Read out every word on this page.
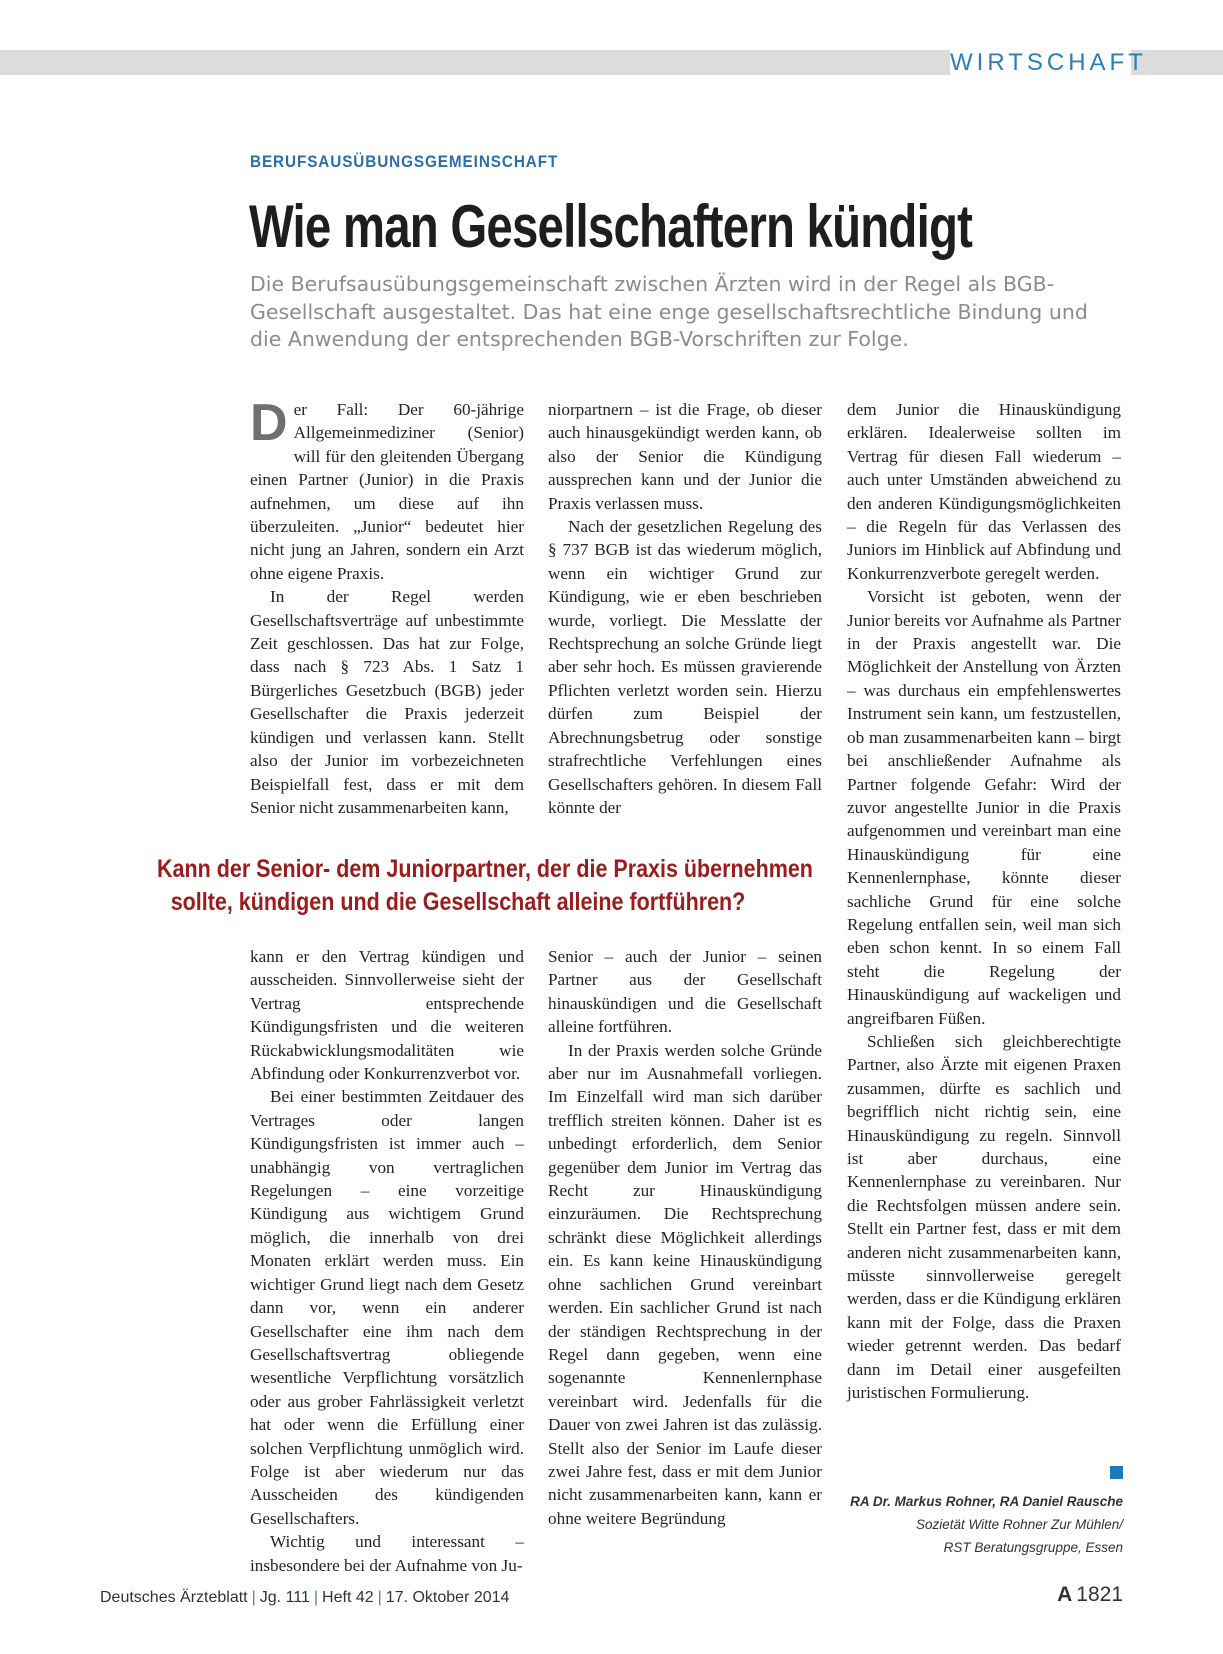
WIRTSCHAFT
BERUFSAUSÜBUNGSGEMEINSCHAFT
Wie man Gesellschaftern kündigt

Die Berufsausübungsgemeinschaft zwischen Ärzten wird in der Regel als BGB-Gesellschaft ausgestaltet. Das hat eine enge gesellschaftsrechtliche Bindung und die Anwendung der entsprechenden BGB-Vorschriften zur Folge.

Der Fall: Der 60-jährige Allgemeinmediziner (Senior) will für den gleitenden Übergang einen Partner (Junior) in die Praxis aufnehmen, um diese auf ihn überzuleiten. „Junior“ bedeutet hier nicht jung an Jahren, sondern ein Arzt ohne eigene Praxis.

In der Regel werden Gesellschaftsverträge auf unbestimmte Zeit geschlossen. Das hat zur Folge, dass nach § 723 Abs. 1 Satz 1 Bürgerliches Gesetzbuch (BGB) jeder Gesellschafter die Praxis jederzeit kündigen und verlassen kann. Stellt also der Junior im vorbezeichneten Beispielfall fest, dass er mit dem Senior nicht zusammenarbeiten kann,

niorpartnern – ist die Frage, ob dieser auch hinausgekündigt werden kann, ob also der Senior die Kündigung aussprechen kann und der Junior die Praxis verlassen muss.

Nach der gesetzlichen Regelung des § 737 BGB ist das wiederum möglich, wenn ein wichtiger Grund zur Kündigung, wie er eben beschrieben wurde, vorliegt. Die Messlatte der Rechtsprechung an solche Gründe liegt aber sehr hoch. Es müssen gravierende Pflichten verletzt worden sein. Hierzu dürfen zum Beispiel der Abrechnungsbetrug oder sonstige strafrechtliche Verfehlungen eines Gesellschafters gehören. In diesem Fall könnte der

dem Junior die Hinauskündigung erklären. Idealerweise sollten im Vertrag für diesen Fall wiederum – auch unter Umständen abweichend zu den anderen Kündigungsmöglichkeiten – die Regeln für das Verlassen des Juniors im Hinblick auf Abfindung und Konkurrenzverbote geregelt werden.

Vorsicht ist geboten, wenn der Junior bereits vor Aufnahme als Partner in der Praxis angestellt war. Die Möglichkeit der Anstellung von Ärzten – was durchaus ein empfehlenswertes Instrument sein kann, um festzustellen, ob man zusammenarbeiten kann – birgt bei anschließender Aufnahme als Partner folgende Gefahr: Wird der zuvor angestellte Junior in die Praxis aufgenommen und vereinbart man eine Hinauskündigung für eine Kennenlernphase, könnte dieser sachliche Grund für eine solche Regelung entfallen sein, weil man sich eben schon kennt. In so einem Fall steht die Regelung der Hinauskündigung auf wackeligen und angreifbaren Füßen.

Schließen sich gleichberechtigte Partner, also Ärzte mit eigenen Praxen zusammen, dürfte es sachlich und begrifflich nicht richtig sein, eine Hinauskündigung zu regeln. Sinnvoll ist aber durchaus, eine Kennenlernphase zu vereinbaren. Nur die Rechtsfolgen müssen andere sein. Stellt ein Partner fest, dass er mit dem anderen nicht zusammenarbeiten kann, müsste sinnvollerweise geregelt werden, dass er die Kündigung erklären kann mit der Folge, dass die Praxen wieder getrennt werden. Das bedarf dann im Detail einer ausgefeilten juristischen Formulierung.

Kann der Senior- dem Juniorpartner, der die Praxis übernehmen
sollte, kündigen und die Gesellschaft alleine fortführen?

kann er den Vertrag kündigen und ausscheiden. Sinnvollerweise sieht der Vertrag entsprechende Kündigungsfristen und die weiteren Rückabwicklungsmodalitäten wie Abfindung oder Konkurrenzverbot vor.

Bei einer bestimmten Zeitdauer des Vertrages oder langen Kündigungsfristen ist immer auch – unabhängig von vertraglichen Regelungen – eine vorzeitige Kündigung aus wichtigem Grund möglich, die innerhalb von drei Monaten erklärt werden muss. Ein wichtiger Grund liegt nach dem Gesetz dann vor, wenn ein anderer Gesellschafter eine ihm nach dem Gesellschaftsvertrag obliegende wesentliche Verpflichtung vorsätzlich oder aus grober Fahrlässigkeit verletzt hat oder wenn die Erfüllung einer solchen Verpflichtung unmöglich wird. Folge ist aber wiederum nur das Ausscheiden des kündigenden Gesellschafters.

Wichtig und interessant – insbesondere bei der Aufnahme von Ju-

Senior – auch der Junior – seinen Partner aus der Gesellschaft hinauskündigen und die Gesellschaft alleine fortführen.

In der Praxis werden solche Gründe aber nur im Ausnahmefall vorliegen. Im Einzelfall wird man sich darüber trefflich streiten können. Daher ist es unbedingt erforderlich, dem Senior gegenüber dem Junior im Vertrag das Recht zur Hinauskündigung einzuräumen. Die Rechtsprechung schränkt diese Möglichkeit allerdings ein. Es kann keine Hinauskündigung ohne sachlichen Grund vereinbart werden. Ein sachlicher Grund ist nach der ständigen Rechtsprechung in der Regel dann gegeben, wenn eine sogenannte Kennenlernphase vereinbart wird. Jedenfalls für die Dauer von zwei Jahren ist das zulässig. Stellt also der Senior im Laufe dieser zwei Jahre fest, dass er mit dem Junior nicht zusammenarbeiten kann, kann er ohne weitere Begründung

RA Dr. Markus Rohner, RA Daniel Rausche
Sozietät Witte Rohner Zur Mühlen/
RST Beratungsgruppe, Essen
Deutsches Ärzteblatt | Jg. 111 | Heft 42 | 17. Oktober 2014	A 1821
